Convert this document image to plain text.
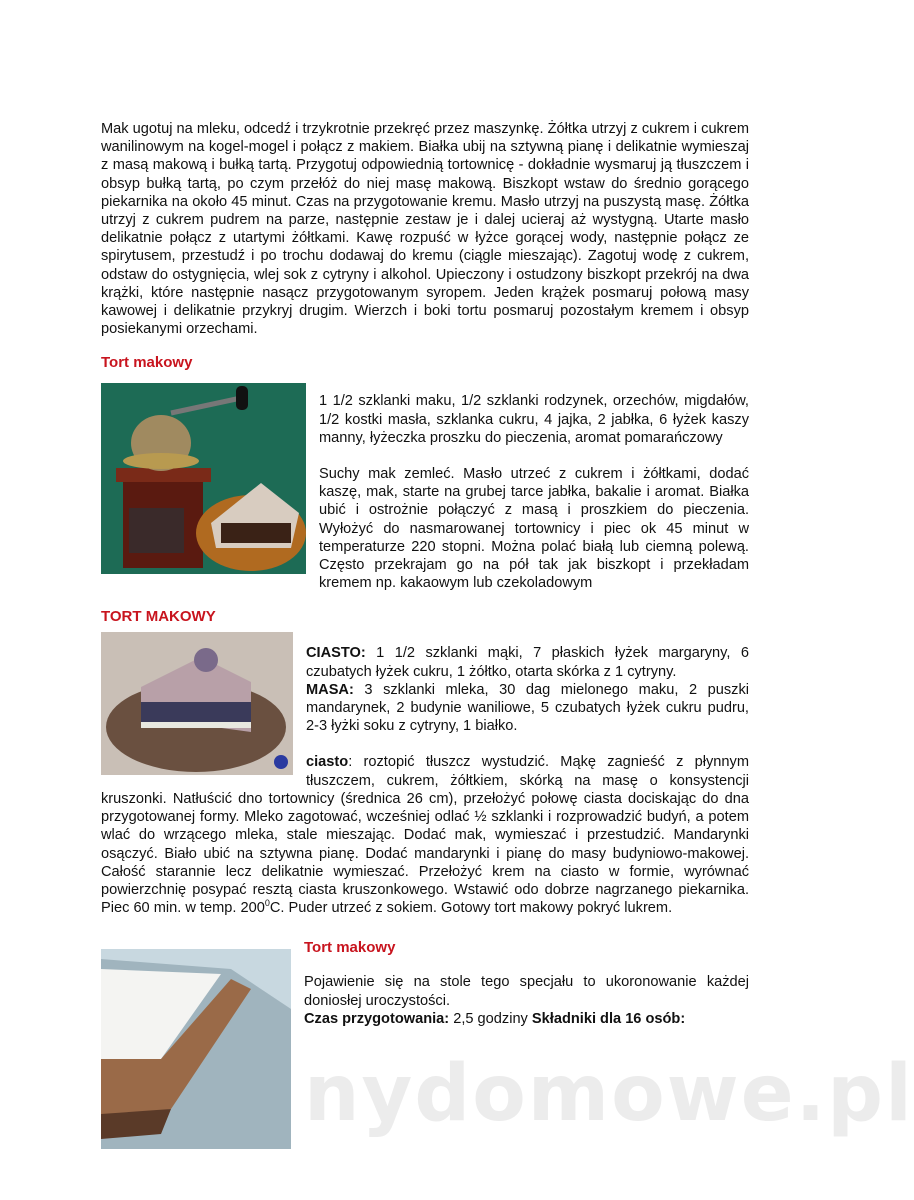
Mak ugotuj na mleku, odcedź i trzykrotnie przekręć przez maszynkę. Żółtka utrzyj z cukrem i cukrem wanilinowym na kogel-mogel i połącz z makiem. Białka ubij na sztywną pianę i delikatnie wymieszaj z masą makową i bułką tartą. Przygotuj odpowiednią tortownicę - dokładnie wysmaruj ją tłuszczem i obsyp bułką tartą, po czym przełóż do niej masę makową. Biszkopt wstaw do średnio gorącego piekarnika na około 45 minut. Czas na przygotowanie kremu. Masło utrzyj na puszystą masę. Żółtka utrzyj z cukrem pudrem na parze, następnie zestaw je i dalej ucieraj aż wystygną. Utarte masło delikatnie połącz z utartymi żółtkami. Kawę rozpuść w łyżce gorącej wody, następnie połącz ze spirytusem, przestudź i po trochu dodawaj do kremu (ciągle mieszając). Zagotuj wodę z cukrem, odstaw do ostygnięcia, wlej sok z cytryny i alkohol. Upieczony i ostudzony biszkopt przekrój na dwa krążki, które następnie nasącz przygotowanym syropem. Jeden krążek posmaruj połową masy kawowej i delikatnie przykryj drugim. Wierzch i boki tortu posmaruj pozostałym kremem i obsyp posiekanymi orzechami.

Tort makowy

1 1/2 szklanki maku, 1/2 szklanki rodzynek, orzechów, migdałów, 1/2 kostki masła, szklanka cukru, 4 jajka, 2 jabłka, 6 łyżek kaszy manny, łyżeczka proszku do pieczenia, aromat pomarańczowy

Suchy mak zemleć. Masło utrzeć z cukrem i żółtkami, dodać kaszę, mak, starte na grubej tarce jabłka, bakalie i aromat. Białka ubić i ostrożnie połączyć z masą i proszkiem do pieczenia. Wyłożyć do nasmarowanej tortownicy i piec ok 45 minut w temperaturze 220 stopni. Można polać białą lub ciemną polewą. Często przekrajam go na pół tak jak biszkopt i przekładam kremem np. kakaowym lub czekoladowym

TORT MAKOWY

CIASTO: 1 1/2 szklanki mąki, 7 płaskich łyżek margaryny, 6 czubatych łyżek cukru, 1 żółtko, otarta skórka z 1 cytryny.
MASA: 3 szklanki mleka, 30 dag mielonego maku, 2 puszki mandarynek, 2 budynie waniliowe, 5 czubatych łyżek cukru pudru, 2-3 łyżki soku z cytryny, 1 białko.

ciasto: roztopić tłuszcz wystudzić. Mąkę zagnieść z płynnym tłuszczem, cukrem, żółtkiem, skórką na masę o konsystencji kruszonki. Natłuścić dno tortownicy (średnica 26 cm), przełożyć połowę ciasta dociskając do dna przygotowanej formy. Mleko zagotować, wcześniej odlać ½ szklanki i rozprowadzić budyń, a potem wlać do wrzącego mleka, stale mieszając. Dodać mak, wymieszać i przestudzić. Mandarynki osączyć. Biało ubić na sztywna pianę. Dodać mandarynki i pianę do masy budyniowo-makowej. Całość starannie lecz delikatnie wymieszać. Przełożyć krem na ciasto w formie, wyrównać powierzchnię posypać resztą ciasta kruszonkowego. Wstawić odo dobrze nagrzanego piekarnika. Piec 60 min. w temp. $200^0C$. Puder utrzeć z sokiem. Gotowy tort makowy pokryć lukrem.

Tort makowy

Pojawienie się na stole tego specjału to ukoronowanie każdej doniosłej uroczystości.

Czas przygotowania: 2,5 godziny Składniki dla 16 osób:

nydomowe.pl
